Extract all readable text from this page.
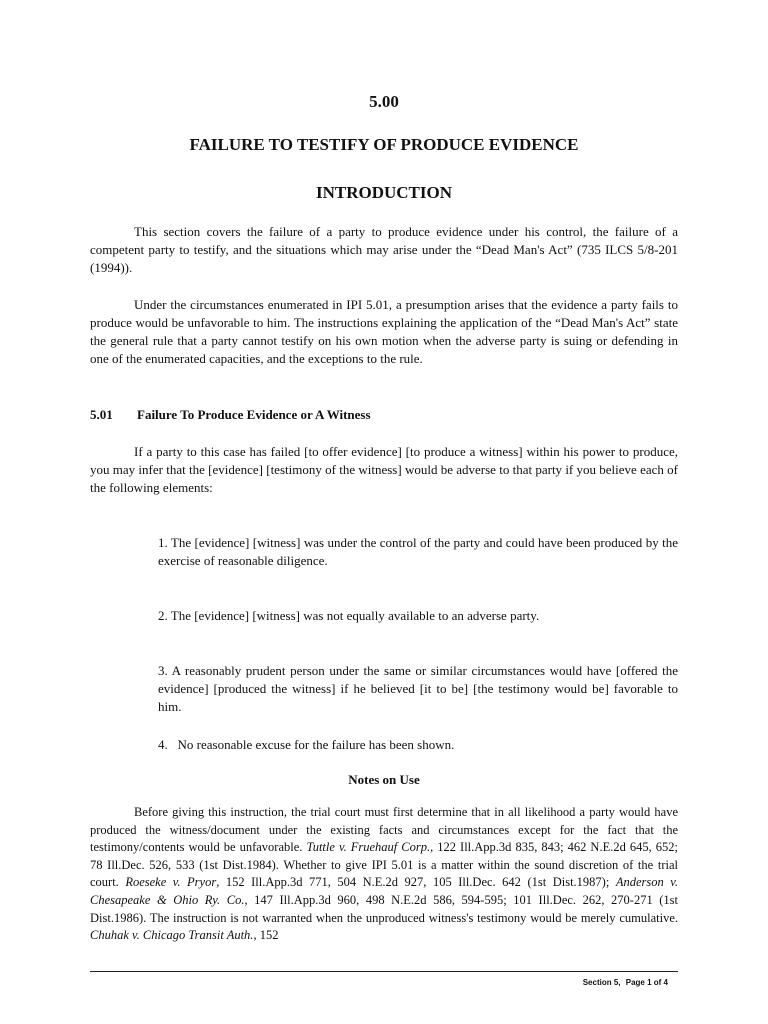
5.00
FAILURE TO TESTIFY OF PRODUCE EVIDENCE
INTRODUCTION

This section covers the failure of a party to produce evidence under his control, the failure of a competent party to testify, and the situations which may arise under the “Dead Man's Act” (735 ILCS 5/8-201 (1994)).

Under the circumstances enumerated in IPI 5.01, a presumption arises that the evidence a party fails to produce would be unfavorable to him. The instructions explaining the application of the “Dead Man's Act” state the general rule that a party cannot testify on his own motion when the adverse party is suing or defending in one of the enumerated capacities, and the exceptions to the rule.

5.01 Failure To Produce Evidence or A Witness

If a party to this case has failed [to offer evidence] [to produce a witness] within his power to produce, you may infer that the [evidence] [testimony of the witness] would be adverse to that party if you believe each of the following elements:

1. The [evidence] [witness] was under the control of the party and could have been produced by the exercise of reasonable diligence.

2. The [evidence] [witness] was not equally available to an adverse party.

3. A reasonably prudent person under the same or similar circumstances would have [offered the evidence] [produced the witness] if he believed [it to be] [the testimony would be] favorable to him.

4.   No reasonable excuse for the failure has been shown.

Notes on Use

Before giving this instruction, the trial court must first determine that in all likelihood a party would have produced the witness/document under the existing facts and circumstances except for the fact that the testimony/contents would be unfavorable. Tuttle v. Fruehauf Corp., 122 Ill.App.3d 835, 843; 462 N.E.2d 645, 652; 78 Ill.Dec. 526, 533 (1st Dist.1984). Whether to give IPI 5.01 is a matter within the sound discretion of the trial court. Roeseke v. Pryor, 152 Ill.App.3d 771, 504 N.E.2d 927, 105 Ill.Dec. 642 (1st Dist.1987); Anderson v. Chesapeake & Ohio Ry. Co., 147 Ill.App.3d 960, 498 N.E.2d 586, 594-595; 101 Ill.Dec. 262, 270-271 (1st Dist.1986). The instruction is not warranted when the unproduced witness's testimony would be merely cumulative. Chuhak v. Chicago Transit Auth., 152

Section 5, Page 1 of 4
